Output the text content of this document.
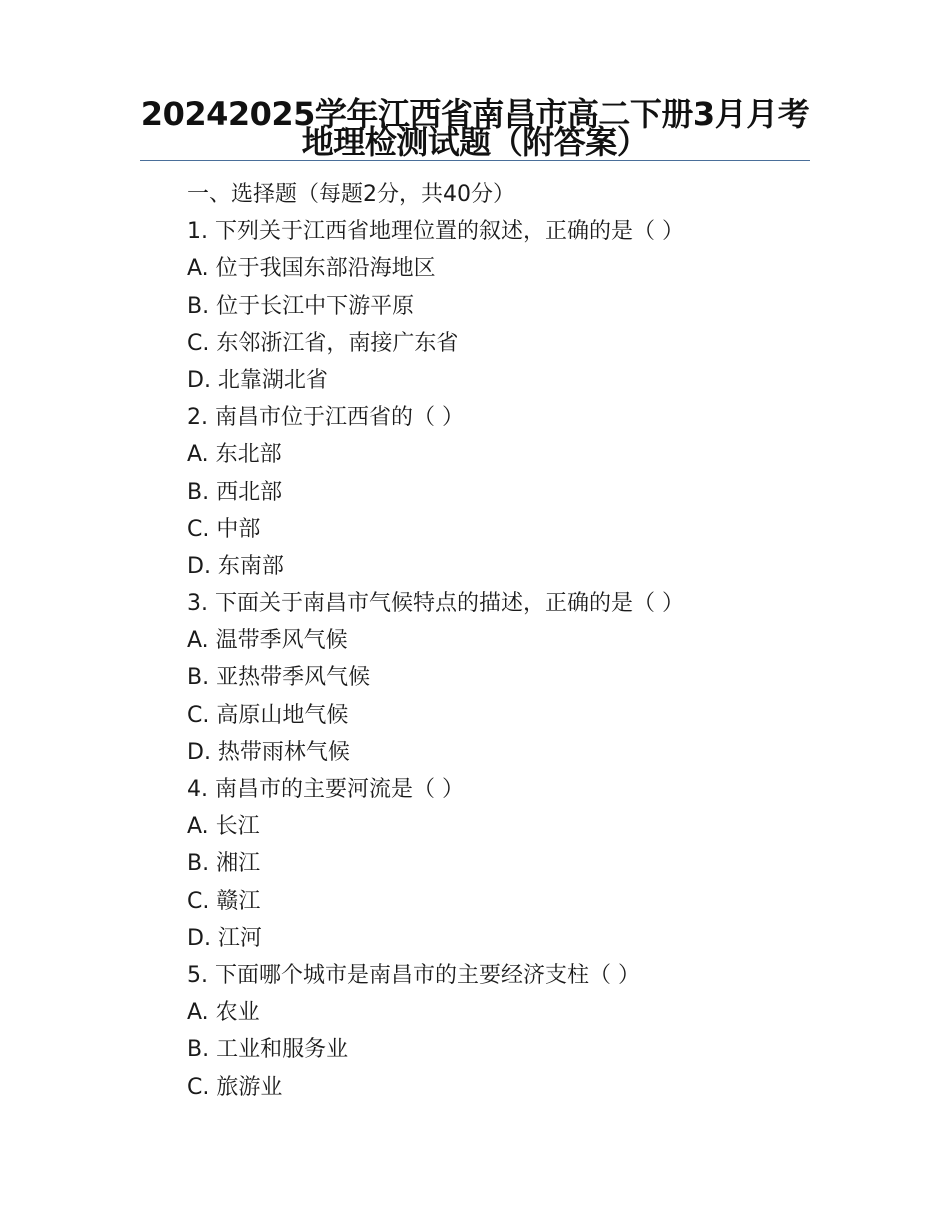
20242025学年江西省南昌市高二下册3月月考地理检测试题（附答案）
一、选择题（每题2分，共40分）
1. 下列关于江西省地理位置的叙述，正确的是（ ）
A. 位于我国东部沿海地区
B. 位于长江中下游平原
C. 东邻浙江省，南接广东省
D. 北靠湖北省
2. 南昌市位于江西省的（ ）
A. 东北部
B. 西北部
C. 中部
D. 东南部
3. 下面关于南昌市气候特点的描述，正确的是（ ）
A. 温带季风气候
B. 亚热带季风气候
C. 高原山地气候
D. 热带雨林气候
4. 南昌市的主要河流是（ ）
A. 长江
B. 湘江
C. 赣江
D. 江河
5. 下面哪个城市是南昌市的主要经济支柱（ ）
A. 农业
B. 工业和服务业
C. 旅游业
